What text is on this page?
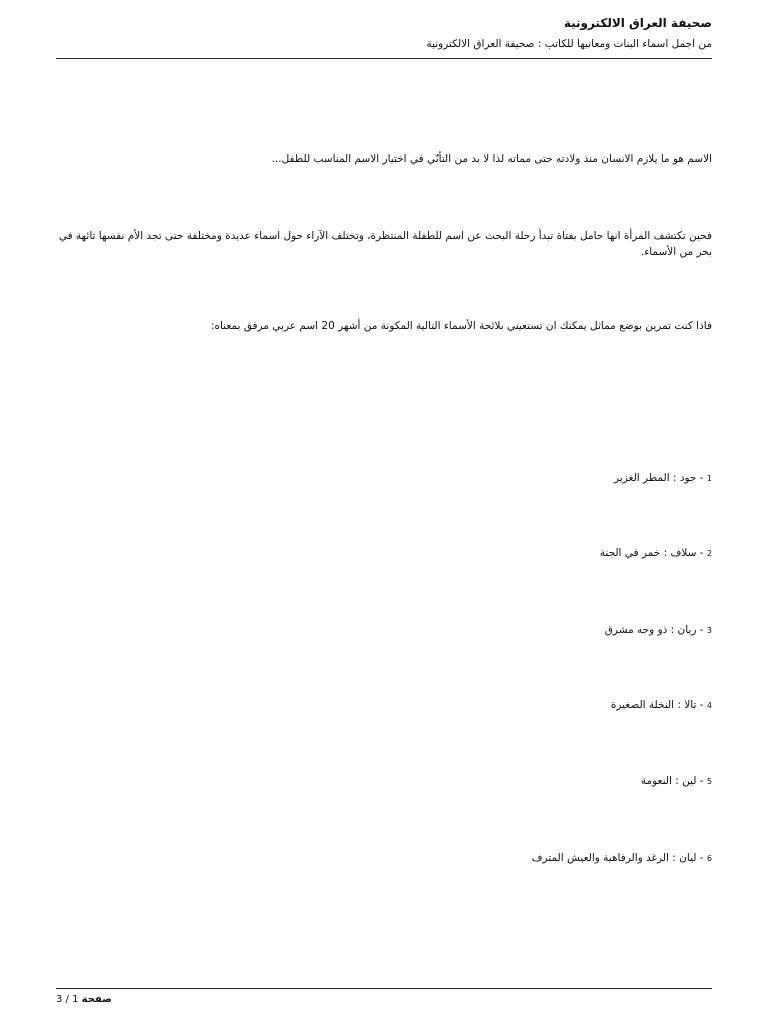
صحيفة العراق الالكترونية

من اجمل اسماء البنات ومعانيها للكاتب : صحيفة العراق الالكترونية

الاسم هو ما يلازم الانسان منذ ولادته حتى مماته لذا لا بد من التأنّي في اختيار الاسم المناسب للطفل...

فحين تكتشف المرأة انها حامل بفتاة تبدأ رحلة البحث عن اسم للطفلة المنتظرة، وتختلف الآراء حول اسماء عديدة ومختلفة حتى تجد الأم نفسها تائهة في بحر من الأسماء.

فاذا كنت تمرين بوضع مماثل يمكنك ان تستعيني بلائحة الأسماء التالية المكونة من أشهر 20 اسم عربي مرفق بمعناه:

1 - جود : المطر الغزير
2 - سلاف : خمر في الجنة
3 - ريان : ذو وجه مشرق
4 - تالا : النخلة الصغيرة
5 - لين : النعومة
6 - ليان : الرغد والرفاهية والعيش المترف
صفحة 1 / 3
